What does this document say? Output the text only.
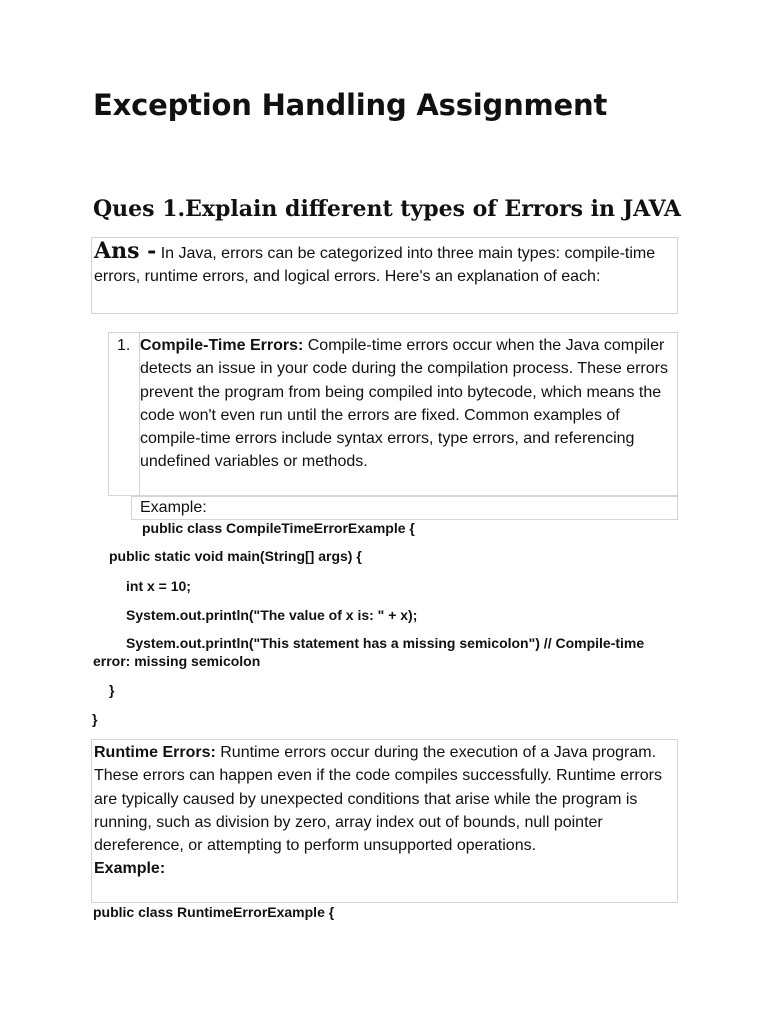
Exception Handling Assignment
Ques 1.Explain different types of Errors in JAVA
Ans - In Java, errors can be categorized into three main types: compile-time errors, runtime errors, and logical errors. Here's an explanation of each:
1. Compile-Time Errors: Compile-time errors occur when the Java compiler detects an issue in your code during the compilation process. These errors prevent the program from being compiled into bytecode, which means the code won't even run until the errors are fixed. Common examples of compile-time errors include syntax errors, type errors, and referencing undefined variables or methods.
Example:
public class CompileTimeErrorExample {
public static void main(String[] args) {
int x = 10;
System.out.println("The value of x is: " + x);
System.out.println("This statement has a missing semicolon") // Compile-time
error: missing semicolon
}
}
Runtime Errors: Runtime errors occur during the execution of a Java program. These errors can happen even if the code compiles successfully. Runtime errors are typically caused by unexpected conditions that arise while the program is running, such as division by zero, array index out of bounds, null pointer dereference, or attempting to perform unsupported operations.
Example:
public class RuntimeErrorExample {
